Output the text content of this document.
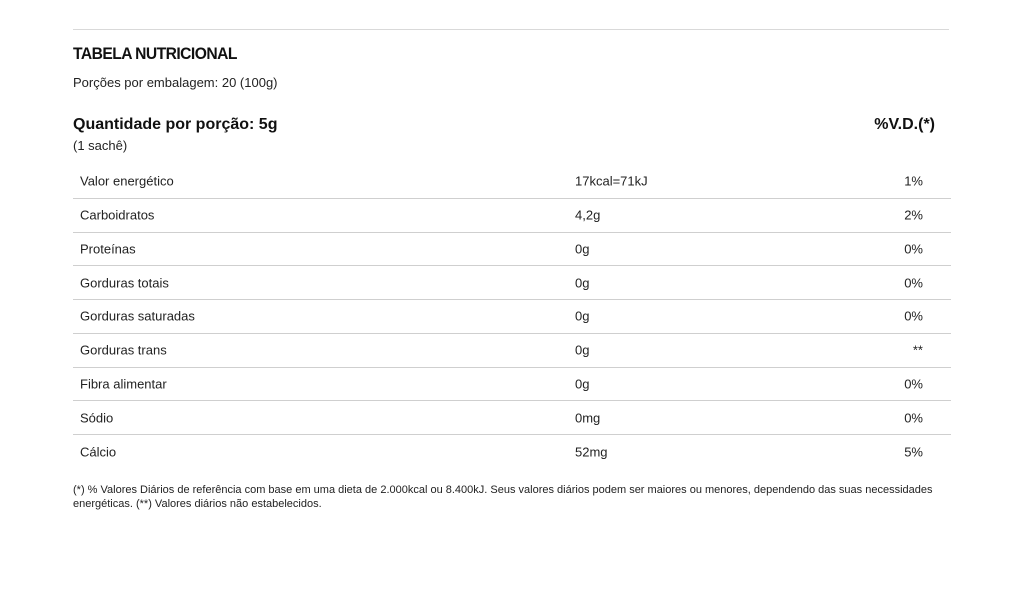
TABELA NUTRICIONAL
Porções por embalagem: 20 (100g)
Quantidade por porção: 5g
(1 sachê)
%V.D.(*)
Valor energético	17kcal=71kJ	1%
Carboidratos	4,2g	2%
Proteínas	0g	0%
Gorduras totais	0g	0%
Gorduras saturadas	0g	0%
Gorduras trans	0g	**
Fibra alimentar	0g	0%
Sódio	0mg	0%
Cálcio	52mg	5%

(*) % Valores Diários de referência com base em uma dieta de 2.000kcal ou 8.400kJ. Seus valores diários podem ser maiores ou menores, dependendo das suas necessidades energéticas. (**) Valores diários não estabelecidos.
